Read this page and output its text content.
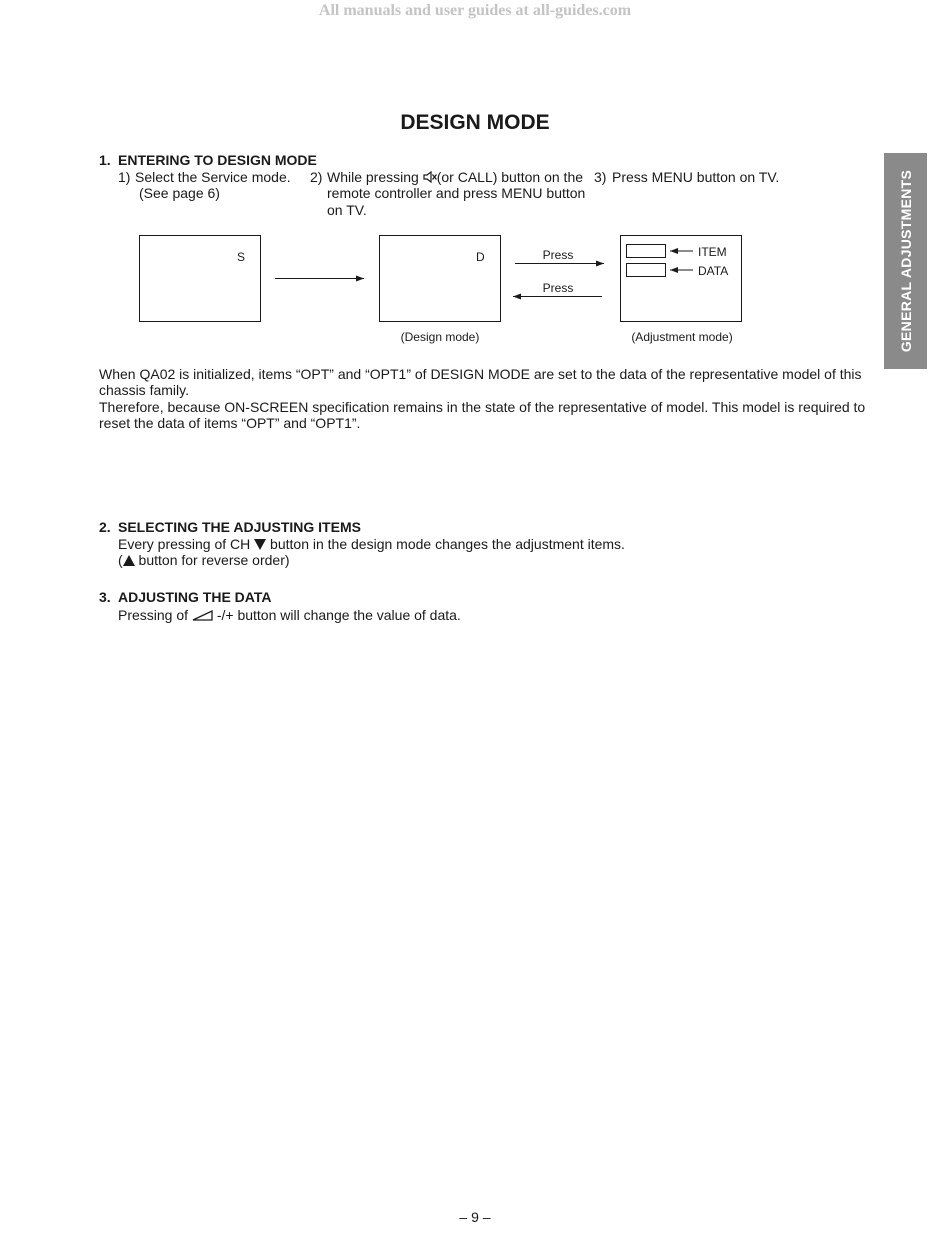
All manuals and user guides at all-guides.com
DESIGN MODE
GENERAL ADJUSTMENTS
1. ENTERING TO DESIGN MODE
1) Select the Service mode.
(See page 6)
2) While pressing (or CALL) button on the
remote controller and press MENU button
on TV.
3) Press MENU button on TV.
S	D	Press
Press
ITEM
DATA
(Design mode)	(Adjustment mode)
When QA02 is initialized, items “OPT” and “OPT1” of DESIGN MODE are set to the data of the representative model of this
chassis family.
Therefore, because ON-SCREEN specification remains in the state of the representative of model. This model is required to
reset the data of items “OPT” and “OPT1”.
2. SELECTING THE ADJUSTING ITEMS
Every pressing of CH  button in the design mode changes the adjustment items.
( button for reverse order)
3. ADJUSTING THE DATA
Pressing of  -/+ button will change the value of data.
– 9 –
